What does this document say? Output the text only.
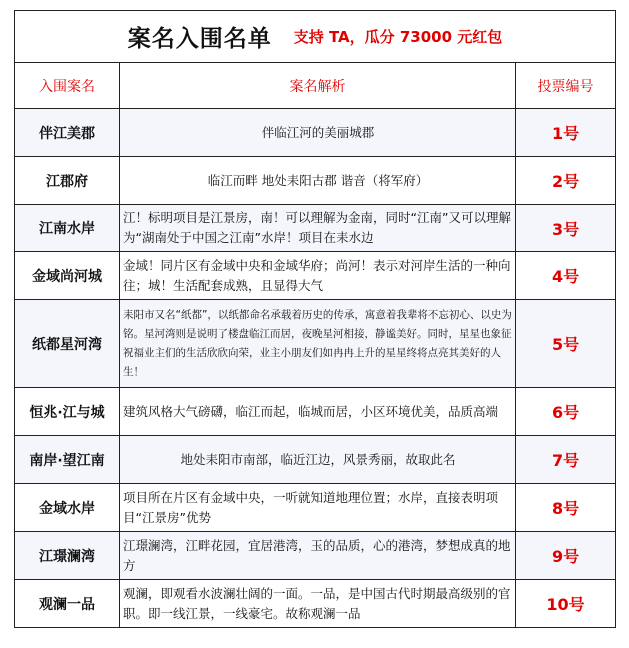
案名入围名单 支持 TA，瓜分 73000 元红包		

入围案名	案名解析	投票编号
伴江美郡	伴临江河的美丽城郡	1号
江郡府	临江而畔 地处耒阳古郡 谐音（将军府）	2号
江南水岸	江！标明项目是江景房，南！可以理解为金南，同时“江南”又可以理解为“湖南处于中国之江南”水岸！项目在耒水边	3号
金域尚河城	金域！同片区有金域中央和金域华府；尚河！表示对河岸生活的一种向往；城！生活配套成熟，且显得大气	4号
纸都星河湾	耒阳市又名“纸都”，以纸都命名承载着历史的传承，寓意着我辈将不忘初心、以史为铭。星河湾则是说明了楼盘临江而居，夜晚星河相接，静谧美好。同时，星星也象征祝福业主们的生活欣欣向荣，业主小朋友们如冉冉上升的星星终将点亮其美好的人生！	5号
恒兆·江与城	建筑风格大气磅礴，临江而起，临城而居，小区环境优美，品质高端	6号
南岸·望江南	地处耒阳市南部，临近江边，风景秀丽，故取此名	7号
金域水岸	项目所在片区有金域中央，一听就知道地理位置；水岸，直接表明项目“江景房”优势	8号
江璟澜湾	江璟澜湾，江畔花园，宜居港湾，玉的品质，心的港湾，梦想成真的地方	9号
观澜一品	观澜，即观看水波澜壮阔的一面。一品，是中国古代时期最高级别的官职。即一线江景，一线豪宅。故称观澜一品	10号
